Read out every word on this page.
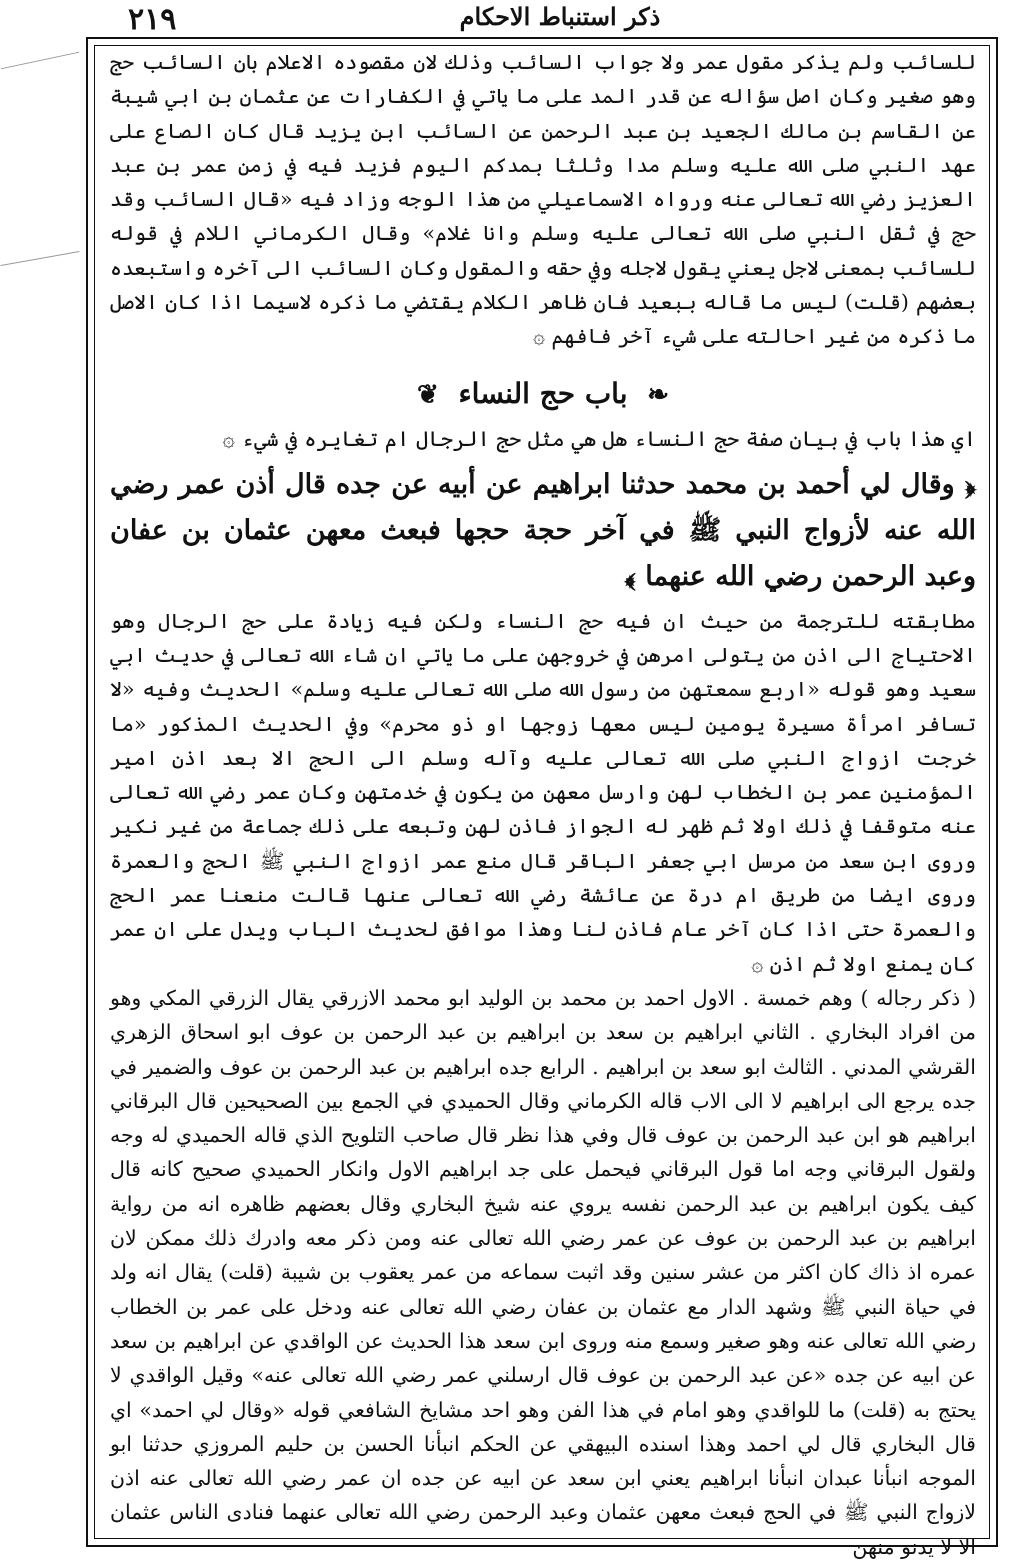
٢١٩	ذكر استنباط الاحكام

للسائب ولم يذكر مقول عمر ولا جواب السائب وذلك لان مقصوده الاعلام بان السائب حج وهو صغير وكان اصل سؤاله عن قدر المد على ما ياتي في الكفارات عن عثمان بن ابي شيبة عن القاسم بن مالك الجعيد بن عبد الرحمن عن السائب ابن يزيد قال كان الصاع على عهد النبي صلى الله عليه وسلم مدا وثلثا بمدكم اليوم فزيد فيه في زمن عمر بن عبد العزيز رضي الله تعالى عنه ورواه الاسماعيلي من هذا الوجه وزاد فيه «قال السائب وقد حج في ثقل النبي صلى الله تعالى عليه وسلم وانا غلام» وقال الكرماني اللام في قوله للسائب بمعنى لاجل يعني يقول لاجله وفي حقه والمقول وكان السائب الى آخره واستبعده بعضهم (قلت) ليس ما قاله ببعيد فان ظاهر الكلام يقتضي ما ذكره لاسيما اذا كان الاصل ما ذكره من غير احالته على شيء آخر فافهم ۞

❧ باب حج النساء ❦

اي هذا باب في بيان صفة حج النساء هل هي مثل حج الرجال ام تغايره في شيء ۞

﴿ وقال لي أحمد بن محمد حدثنا ابراهيم عن أبيه عن جده قال أذن عمر رضي الله عنه لأزواج النبي ﷺ في آخر حجة حجها فبعث معهن عثمان بن عفان وعبد الرحمن رضي الله عنهما ﴾

مطابقته للترجمة من حيث ان فيه حج النساء ولكن فيه زيادة على حج الرجال وهو الاحتياج الى اذن من يتولى امرهن في خروجهن على ما ياتي ان شاء الله تعالى في حديث ابي سعيد وهو قوله «اربع سمعتهن من رسول الله صلى الله تعالى عليه وسلم» الحديث وفيه «لا تسافر امرأة مسيرة يومين ليس معها زوجها او ذو محرم» وفي الحديث المذكور «ما خرجت ازواج النبي صلى الله تعالى عليه وآله وسلم الى الحج الا بعد اذن امير المؤمنين عمر بن الخطاب لهن وارسل معهن من يكون في خدمتهن وكان عمر رضي الله تعالى عنه متوقفا في ذلك اولا ثم ظهر له الجواز فاذن لهن وتبعه على ذلك جماعة من غير نكير وروى ابن سعد من مرسل ابي جعفر الباقر قال منع عمر ازواج النبي ﷺ الحج والعمرة وروى ايضا من طريق ام درة عن عائشة رضي الله تعالى عنها قالت منعنا عمر الحج والعمرة حتى اذا كان آخر عام فاذن لنا وهذا موافق لحديث الباب ويدل على ان عمر كان يمنع اولا ثم اذن ۞

( ذكر رجاله ) وهم خمسة . الاول احمد بن محمد بن الوليد ابو محمد الازرقي يقال الزرقي المكي وهو من افراد البخاري . الثاني ابراهيم بن سعد بن ابراهيم بن عبد الرحمن بن عوف ابو اسحاق الزهري القرشي المدني . الثالث ابو سعد بن ابراهيم . الرابع جده ابراهيم بن عبد الرحمن بن عوف والضمير في جده يرجع الى ابراهيم لا الى الاب قاله الكرماني وقال الحميدي في الجمع بين الصحيحين قال البرقاني ابراهيم هو ابن عبد الرحمن بن عوف قال وفي هذا نظر قال صاحب التلويح الذي قاله الحميدي له وجه ولقول البرقاني وجه اما قول البرقاني فيحمل على جد ابراهيم الاول وانكار الحميدي صحيح كانه قال كيف يكون ابراهيم بن عبد الرحمن نفسه يروي عنه شيخ البخاري وقال بعضهم ظاهره انه من رواية ابراهيم بن عبد الرحمن بن عوف عن عمر رضي الله تعالى عنه ومن ذكر معه وادرك ذلك ممكن لان عمره اذ ذاك كان اكثر من عشر سنين وقد اثبت سماعه من عمر يعقوب بن شيبة (قلت) يقال انه ولد في حياة النبي ﷺ وشهد الدار مع عثمان بن عفان رضي الله تعالى عنه ودخل على عمر بن الخطاب رضي الله تعالى عنه وهو صغير وسمع منه وروى ابن سعد هذا الحديث عن الواقدي عن ابراهيم بن سعد عن ابيه عن جده «عن عبد الرحمن بن عوف قال ارسلني عمر رضي الله تعالى عنه» وقيل الواقدي لا يحتج به (قلت) ما للواقدي وهو امام في هذا الفن وهو احد مشايخ الشافعي قوله «وقال لي احمد» اي قال البخاري قال لي احمد وهذا اسنده البيهقي عن الحكم انبأنا الحسن بن حليم المروزي حدثنا ابو الموجه انبأنا عبدان انبأنا ابراهيم يعني ابن سعد عن ابيه عن جده ان عمر رضي الله تعالى عنه اذن لازواج النبي ﷺ في الحج فبعث معهن عثمان وعبد الرحمن رضي الله تعالى عنهما فنادى الناس عثمان الا لا يدنو منهن
